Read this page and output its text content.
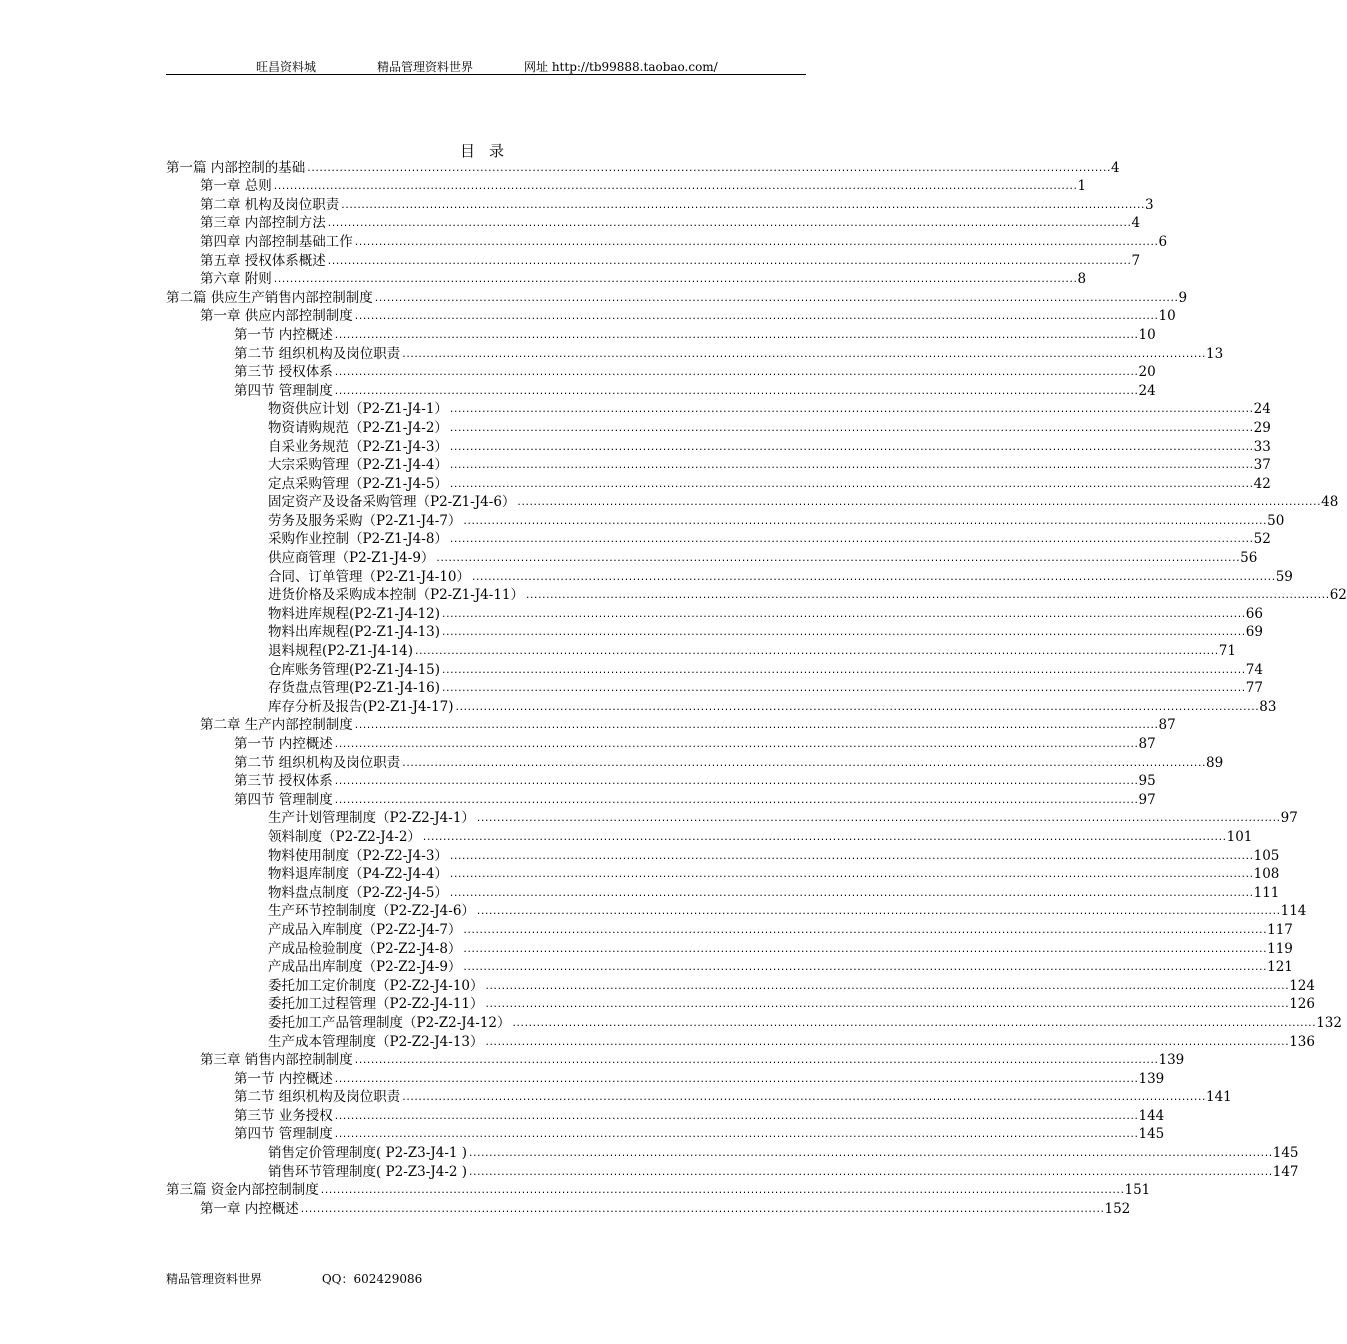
旺昌资料城	精品管理资料世界	网址 http://tb99888.taobao.com/
目录
第一篇 内部控制的基础 ........................................................................................................................................................................................................ 4
第一章 总则 ........................................................................................................................................................................................................ 1
第二章 机构及岗位职责 ........................................................................................................................................................................................................ 3
第三章 内部控制方法 ........................................................................................................................................................................................................ 4
第四章 内部控制基础工作 ........................................................................................................................................................................................................ 6
第五章 授权体系概述 ........................................................................................................................................................................................................ 7
第六章 附则 ........................................................................................................................................................................................................ 8
第二篇 供应生产销售内部控制制度 ........................................................................................................................................................................................................ 9
第一章 供应内部控制制度 ........................................................................................................................................................................................................ 10
第一节 内控概述 ........................................................................................................................................................................................................ 10
第二节 组织机构及岗位职责 ........................................................................................................................................................................................................ 13
第三节 授权体系 ........................................................................................................................................................................................................ 20
第四节 管理制度 ........................................................................................................................................................................................................ 24
物资供应计划（P2-Z1-J4-1） ........................................................................................................................................................................................................ 24
物资请购规范（P2-Z1-J4-2） ........................................................................................................................................................................................................ 29
自采业务规范（P2-Z1-J4-3） ........................................................................................................................................................................................................ 33
大宗采购管理（P2-Z1-J4-4） ........................................................................................................................................................................................................ 37
定点采购管理（P2-Z1-J4-5） ........................................................................................................................................................................................................ 42
固定资产及设备采购管理（P2-Z1-J4-6） ........................................................................................................................................................................................................ 48
劳务及服务采购（P2-Z1-J4-7） ........................................................................................................................................................................................................ 50
采购作业控制（P2-Z1-J4-8） ........................................................................................................................................................................................................ 52
供应商管理（P2-Z1-J4-9） ........................................................................................................................................................................................................ 56
合同、订单管理（P2-Z1-J4-10） ........................................................................................................................................................................................................ 59
进货价格及采购成本控制（P2-Z1-J4-11） ........................................................................................................................................................................................................ 62
物料进库规程(P2-Z1-J4-12) ........................................................................................................................................................................................................ 66
物料出库规程(P2-Z1-J4-13) ........................................................................................................................................................................................................ 69
退料规程(P2-Z1-J4-14) ........................................................................................................................................................................................................ 71
仓库账务管理(P2-Z1-J4-15) ........................................................................................................................................................................................................ 74
存货盘点管理(P2-Z1-J4-16) ........................................................................................................................................................................................................ 77
库存分析及报告(P2-Z1-J4-17) ........................................................................................................................................................................................................ 83
第二章 生产内部控制制度 ........................................................................................................................................................................................................ 87
第一节 内控概述 ........................................................................................................................................................................................................ 87
第二节 组织机构及岗位职责 ........................................................................................................................................................................................................ 89
第三节 授权体系 ........................................................................................................................................................................................................ 95
第四节 管理制度 ........................................................................................................................................................................................................ 97
生产计划管理制度（P2-Z2-J4-1） ........................................................................................................................................................................................................ 97
领料制度（P2-Z2-J4-2） ........................................................................................................................................................................................................ 101
物料使用制度（P2-Z2-J4-3） ........................................................................................................................................................................................................ 105
物料退库制度（P4-Z2-J4-4） ........................................................................................................................................................................................................ 108
物料盘点制度（P2-Z2-J4-5） ........................................................................................................................................................................................................ 111
生产环节控制制度（P2-Z2-J4-6） ........................................................................................................................................................................................................ 114
产成品入库制度（P2-Z2-J4-7） ........................................................................................................................................................................................................ 117
产成品检验制度（P2-Z2-J4-8） ........................................................................................................................................................................................................ 119
产成品出库制度（P2-Z2-J4-9） ........................................................................................................................................................................................................ 121
委托加工定价制度（P2-Z2-J4-10） ........................................................................................................................................................................................................ 124
委托加工过程管理（P2-Z2-J4-11） ........................................................................................................................................................................................................ 126
委托加工产品管理制度（P2-Z2-J4-12） ........................................................................................................................................................................................................ 132
生产成本管理制度（P2-Z2-J4-13） ........................................................................................................................................................................................................ 136
第三章 销售内部控制制度 ........................................................................................................................................................................................................ 139
第一节 内控概述 ........................................................................................................................................................................................................ 139
第二节 组织机构及岗位职责 ........................................................................................................................................................................................................ 141
第三节 业务授权 ........................................................................................................................................................................................................ 144
第四节 管理制度 ........................................................................................................................................................................................................ 145
销售定价管理制度( P2-Z3-J4-1 ) ........................................................................................................................................................................................................ 145
销售环节管理制度( P2-Z3-J4-2 ) ........................................................................................................................................................................................................ 147
第三篇 资金内部控制制度 ........................................................................................................................................................................................................ 151
第一章 内控概述 ........................................................................................................................................................................................................ 152
精品管理资料世界	QQ：602429086
